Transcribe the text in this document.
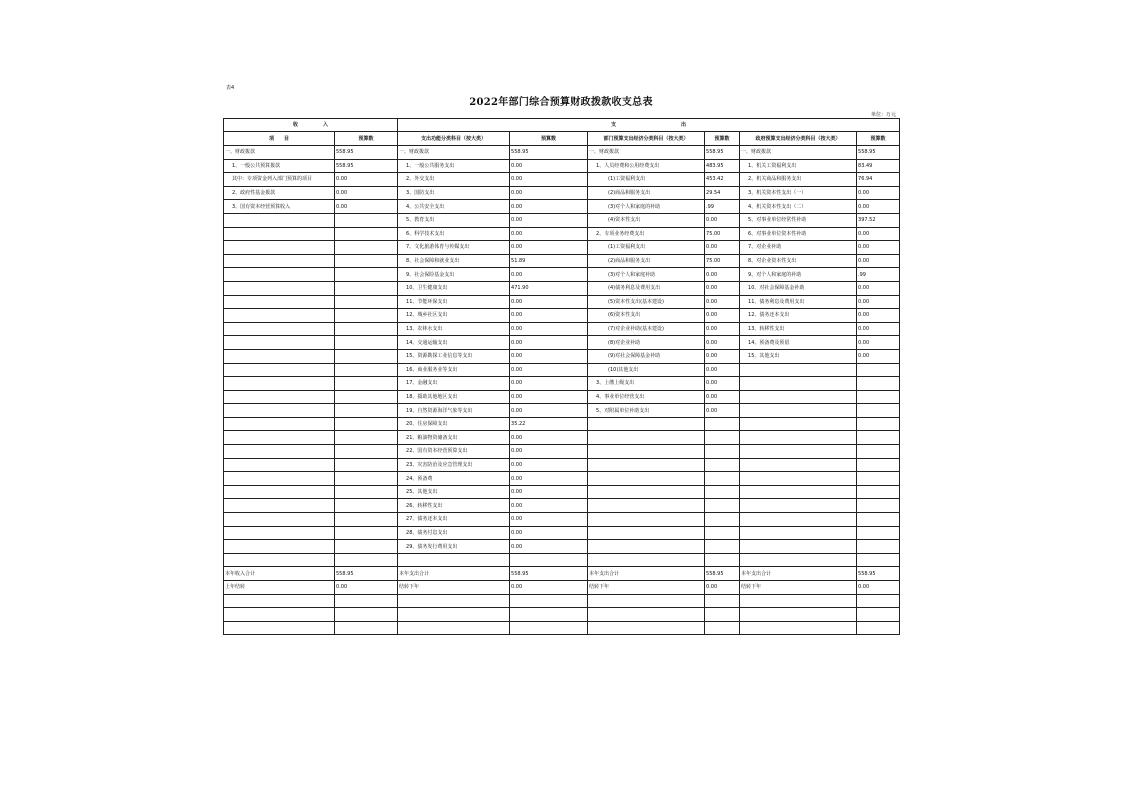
表4
2022年部门综合预算财政拨款收支总表
单位：万元
收　　　　　入		支　　　　　　　　　　　　　出					
项　　目	预算数	支出功能分类科目（按大类）	预算数	部门预算支出经济分类科目（按大类）	预算数	政府预算支出经济分类科目（按大类）	预算数
一、财政拨款	558.95	一、财政拨款	558.95	一、财政拨款	558.95	一、财政拨款	558.95
1、一般公共预算拨款	558.95	1、一般公共服务支出	0.00	1、人员经费和公用经费支出	483.95	1、机关工资福利支出	83.49
其中：专项资金列入部门预算的项目	0.00	2、外交支出	0.00	(1)工资福利支出	453.42	2、机关商品和服务支出	76.94
2、政府性基金拨款	0.00	3、国防支出	0.00	(2)商品和服务支出	29.54	3、机关资本性支出（一）	0.00
3、国有资本经营预算收入	0.00	4、公共安全支出	0.00	(3)对个人和家庭的补助	.99	4、机关资本性支出（二）	0.00
		5、教育支出	0.00	(4)资本性支出	0.00	5、对事业单位经常性补助	397.52
		6、科学技术支出	0.00	2、专项业务经费支出	75.00	6、对事业单位资本性补助	0.00
		7、文化旅游体育与传媒支出	0.00	(1)工资福利支出	0.00	7、对企业补助	0.00
		8、社会保障和就业支出	51.89	(2)商品和服务支出	75.00	8、对企业资本性支出	0.00
		9、社会保险基金支出	0.00	(3)对个人和家庭补助	0.00	9、对个人和家庭的补助	.99
		10、卫生健康支出	471.90	(4)债务利息及费用支出	0.00	10、对社会保障基金补助	0.00
		11、节能环保支出	0.00	(5)资本性支出(基本建设)	0.00	11、债务利息及费用支出	0.00
		12、城乡社区支出	0.00	(6)资本性支出	0.00	12、债务还本支出	0.00
		13、农林水支出	0.00	(7)对企业补助(基本建设)	0.00	13、转移性支出	0.00
		14、交通运输支出	0.00	(8)对企业补助	0.00	14、预备费及预留	0.00
		15、资源勘探工业信息等支出	0.00	(9)对社会保障基金补助	0.00	15、其他支出	0.00
		16、商业服务业等支出	0.00	(10)其他支出	0.00		
		17、金融支出	0.00	3、上缴上级支出	0.00		
		18、援助其他地区支出	0.00	4、事业单位经营支出	0.00		
		19、自然资源海洋气象等支出	0.00	5、对附属单位补助支出	0.00		
		20、住房保障支出	35.22				
		21、粮油物资储备支出	0.00				
		22、国有资本经营预算支出	0.00				
		23、灾害防治及应急管理支出	0.00				
		24、预备费	0.00				
		25、其他支出	0.00				
		26、转移性支出	0.00				
		27、债务还本支出	0.00				
		28、债务付息支出	0.00				
		29、债务发行费用支出	0.00				

本年收入合计	558.95	本年支出合计	558.95	本年支出合计	558.95	本年支出合计	558.95
上年结转	0.00	结转下年	0.00	结转下年	0.00	结转下年	0.00
